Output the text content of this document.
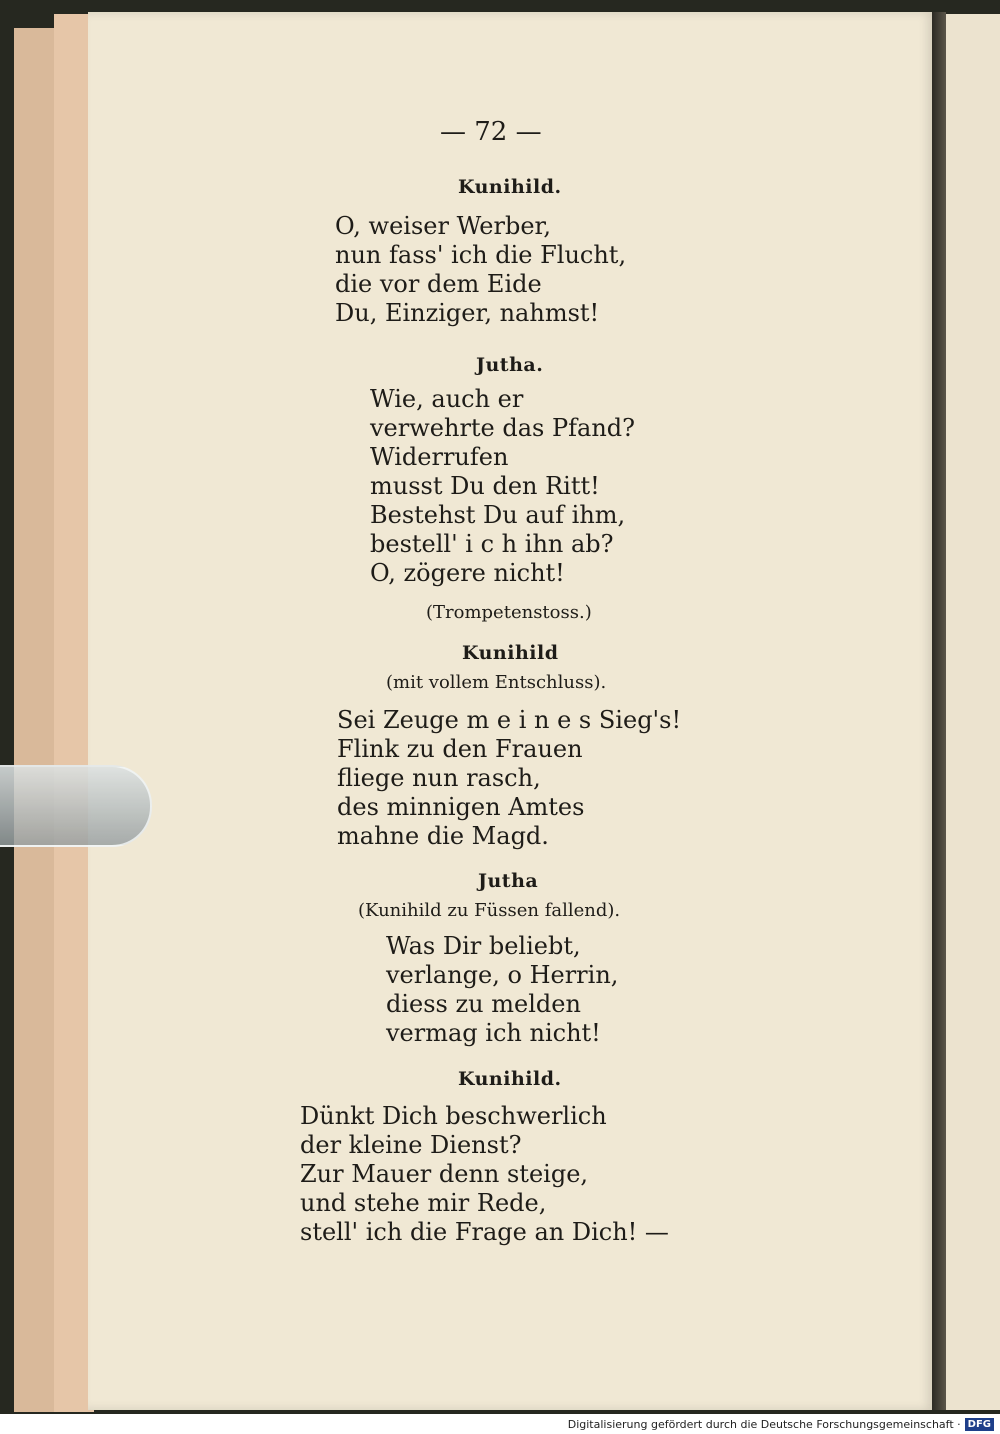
— 72 —
Kunihild.
O, weiser Werber,
nun fass' ich die Flucht,
die vor dem Eide
Du, Einziger, nahmst!
Jutha.
Wie, auch er
verwehrte das Pfand?
Widerrufen
musst Du den Ritt!
Bestehst Du auf ihm,
bestell' i c h ihn ab?
O, zögere nicht!
(Trompetenstoss.)
Kunihild
(mit vollem Entschluss).
Sei Zeuge m e i n e s Sieg's!
Flink zu den Frauen
fliege nun rasch,
des minnigen Amtes
mahne die Magd.
Jutha
(Kunihild zu Füssen fallend).
Was Dir beliebt,
verlange, o Herrin,
diess zu melden
vermag ich nicht!
Kunihild.
Dünkt Dich beschwerlich
der kleine Dienst?
Zur Mauer denn steige,
und stehe mir Rede,
stell' ich die Frage an Dich! —
Digitalisierung gefördert durch die Deutsche Forschungsgemeinschaft · DFG
